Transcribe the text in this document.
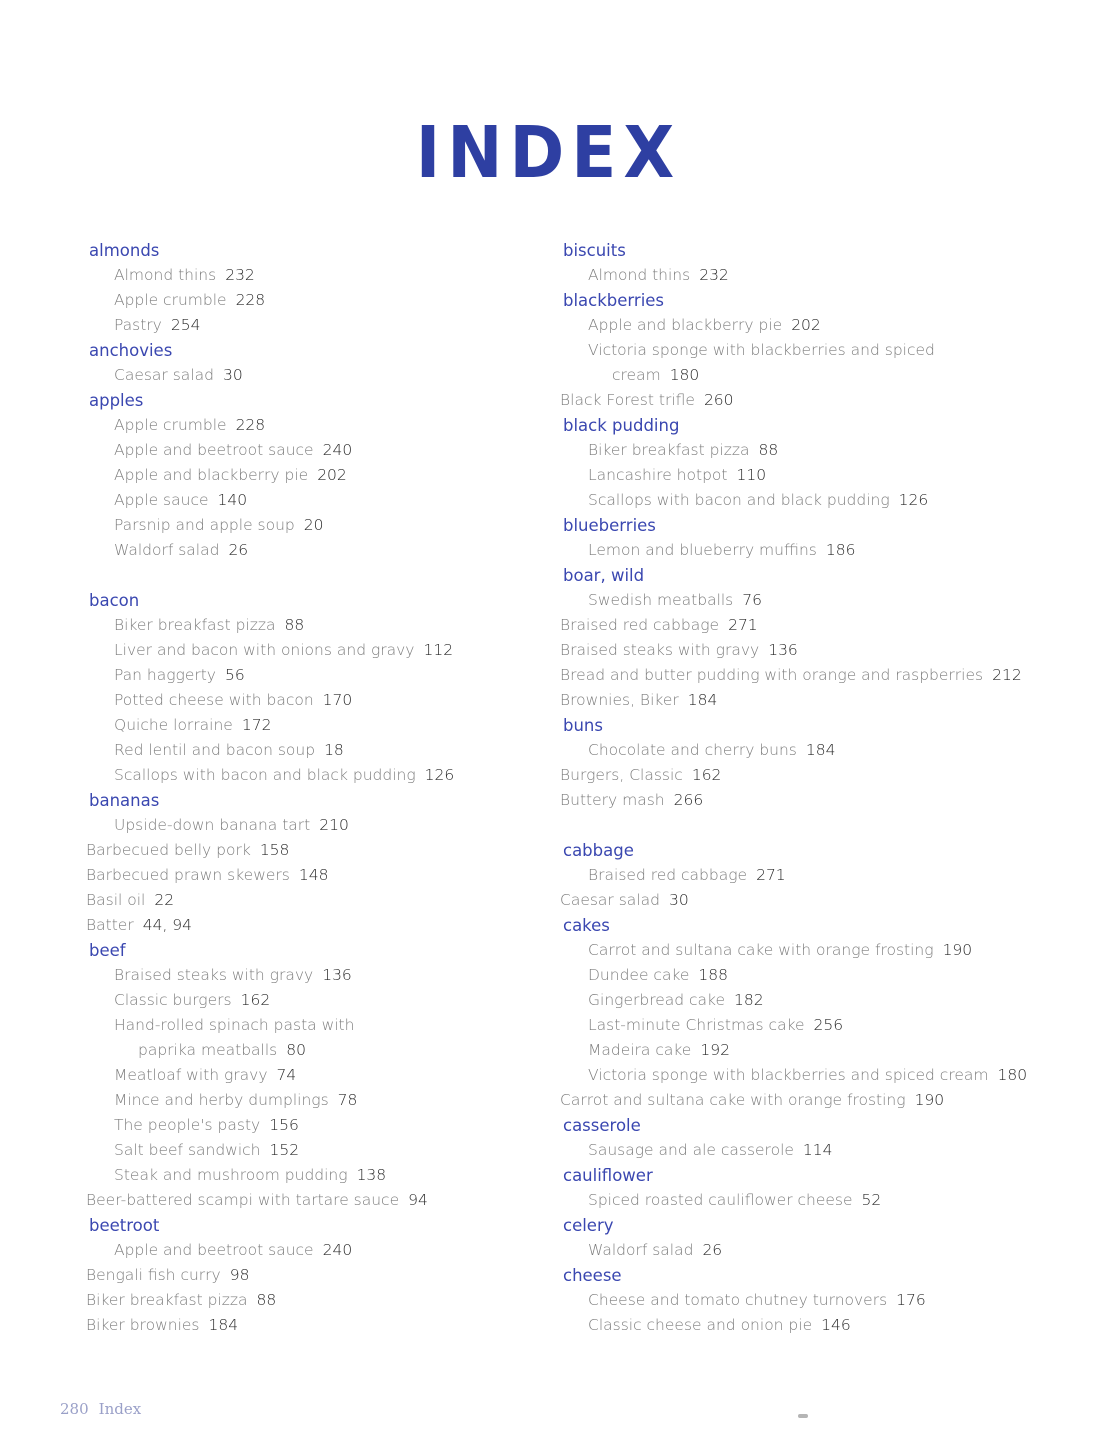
INDEX
almonds
Almond thins 232
Apple crumble 228
Pastry 254
anchovies
Caesar salad 30
apples
Apple crumble 228
Apple and beetroot sauce 240
Apple and blackberry pie 202
Apple sauce 140
Parsnip and apple soup 20
Waldorf salad 26
bacon
Biker breakfast pizza 88
Liver and bacon with onions and gravy 112
Pan haggerty 56
Potted cheese with bacon 170
Quiche lorraine 172
Red lentil and bacon soup 18
Scallops with bacon and black pudding 126
bananas
Upside-down banana tart 210
Barbecued belly pork 158
Barbecued prawn skewers 148
Basil oil 22
Batter 44, 94
beef
Braised steaks with gravy 136
Classic burgers 162
Hand-rolled spinach pasta with
paprika meatballs 80
Meatloaf with gravy 74
Mince and herby dumplings 78
The people's pasty 156
Salt beef sandwich 152
Steak and mushroom pudding 138
Beer-battered scampi with tartare sauce 94
beetroot
Apple and beetroot sauce 240
Bengali fish curry 98
Biker breakfast pizza 88
Biker brownies 184
biscuits
Almond thins 232
blackberries
Apple and blackberry pie 202
Victoria sponge with blackberries and spiced
cream 180
Black Forest trifle 260
black pudding
Biker breakfast pizza 88
Lancashire hotpot 110
Scallops with bacon and black pudding 126
blueberries
Lemon and blueberry muffins 186
boar, wild
Swedish meatballs 76
Braised red cabbage 271
Braised steaks with gravy 136
Bread and butter pudding with orange and raspberries 212
Brownies, Biker 184
buns
Chocolate and cherry buns 184
Burgers, Classic 162
Buttery mash 266
cabbage
Braised red cabbage 271
Caesar salad 30
cakes
Carrot and sultana cake with orange frosting 190
Dundee cake 188
Gingerbread cake 182
Last-minute Christmas cake 256
Madeira cake 192
Victoria sponge with blackberries and spiced cream 180
Carrot and sultana cake with orange frosting 190
casserole
Sausage and ale casserole 114
cauliflower
Spiced roasted cauliflower cheese 52
celery
Waldorf salad 26
cheese
Cheese and tomato chutney turnovers 176
Classic cheese and onion pie 146
280 Index
